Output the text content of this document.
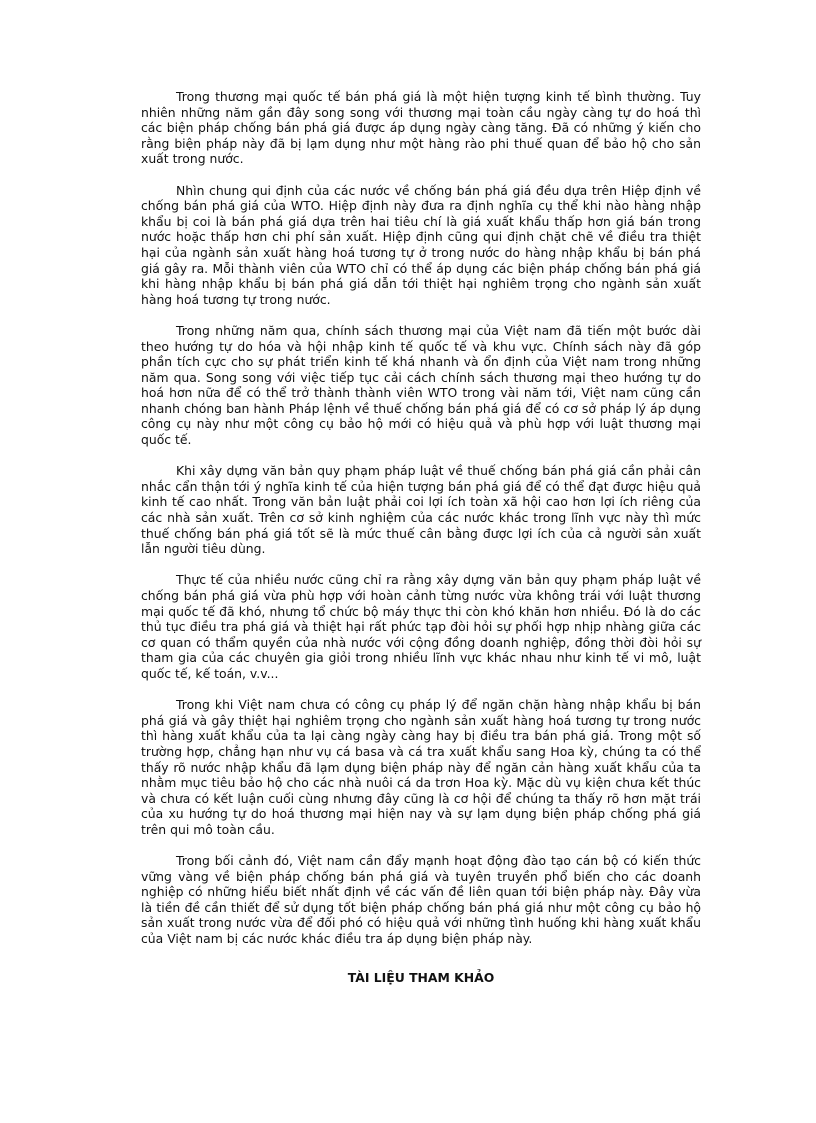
Trong thương mại quốc tế bán phá giá là một hiện tượng kinh tế bình thường. Tuy nhiên những năm gần đây song song với thương mại toàn cầu ngày càng tự do hoá thì các biện pháp chống bán phá giá được áp dụng ngày càng tăng. Đã có những ý kiến cho rằng biện pháp này đã bị lạm dụng như một hàng rào phi thuế quan để bảo hộ cho sản xuất trong nước.

Nhìn chung qui định của các nước về chống bán phá giá đều dựa trên Hiệp định về chống bán phá giá của WTO. Hiệp định này đưa ra định nghĩa cụ thể khi nào hàng nhập khẩu bị coi là bán phá giá dựa trên hai tiêu chí là giá xuất khẩu thấp hơn giá bán trong nước hoặc thấp hơn chi phí sản xuất. Hiệp định cũng qui định chặt chẽ về điều tra thiệt hại của ngành sản xuất hàng hoá tương tự ở trong nước do hàng nhập khẩu bị bán phá giá gây ra. Mỗi thành viên của WTO chỉ có thể áp dụng các biện pháp chống bán phá giá khi hàng nhập khẩu bị bán phá giá dẫn tới thiệt hại nghiêm trọng cho ngành sản xuất hàng hoá tương tự trong nước.

Trong những năm qua, chính sách thương mại của Việt nam đã tiến một bước dài theo hướng tự do hóa và hội nhập kinh tế quốc tế và khu vực. Chính sách này đã góp phần tích cực cho sự phát triển kinh tế khá nhanh và ổn định của Việt nam trong những năm qua. Song song với việc tiếp tục cải cách chính sách thương mại theo hướng tự do hoá hơn nữa để có thể trở thành thành viên WTO trong vài năm tới, Việt nam cũng cần nhanh chóng ban hành Pháp lệnh về thuế chống bán phá giá để có cơ sở pháp lý áp dụng công cụ này như một công cụ bảo hộ mới có hiệu quả và phù hợp với luật thương mại quốc tế.

Khi xây dựng văn bản quy phạm pháp luật về thuế chống bán phá giá cần phải cân nhắc cẩn thận tới ý nghĩa kinh tế của hiện tượng bán phá giá để có thể đạt được hiệu quả kinh tế cao nhất. Trong văn bản luật phải coi lợi ích toàn xã hội cao hơn lợi ích riêng của các nhà sản xuất. Trên cơ sở kinh nghiệm của các nước khác trong lĩnh vực này thì mức thuế chống bán phá giá tốt sẽ là mức thuế cân bằng được lợi ích của cả người sản xuất lẫn người tiêu dùng.

Thực tế của nhiều nước cũng chỉ ra rằng xây dựng văn bản quy phạm pháp luật về chống bán phá giá vừa phù hợp với hoàn cảnh từng nước vừa không trái với luật thương mại quốc tế đã khó, nhưng tổ chức bộ máy thực thi còn khó khăn hơn nhiều. Đó là do các thủ tục điều tra phá giá và thiệt hại rất phức tạp đòi hỏi sự phối hợp nhịp nhàng giữa các cơ quan có thẩm quyền của nhà nước với cộng đồng doanh nghiệp, đồng thời đòi hỏi sự tham gia của các chuyên gia giỏi trong nhiều lĩnh vực khác nhau như kinh tế vi mô, luật quốc tế, kế toán, v.v...

Trong khi Việt nam chưa có công cụ pháp lý để ngăn chặn hàng nhập khẩu bị bán phá giá và gây thiệt hại nghiêm trọng cho ngành sản xuất hàng hoá tương tự trong nước thì hàng xuất khẩu của ta lại càng ngày càng hay bị điều tra bán phá giá. Trong một số trường hợp, chẳng hạn như vụ cá basa và cá tra xuất khẩu sang Hoa kỳ, chúng ta có thể thấy rõ nước nhập khẩu đã lạm dụng biện pháp này để ngăn cản hàng xuất khẩu của ta nhằm mục tiêu bảo hộ cho các nhà nuôi cá da trơn Hoa kỳ. Mặc dù vụ kiện chưa kết thúc và chưa có kết luận cuối cùng nhưng đây cũng là cơ hội để chúng ta thấy rõ hơn mặt trái của xu hướng tự do hoá thương mại hiện nay và sự lạm dụng biện pháp chống phá giá trên qui mô toàn cầu.

Trong bối cảnh đó, Việt nam cần đẩy mạnh hoạt động đào tạo cán bộ có kiến thức vững vàng về biện pháp chống bán phá giá và tuyên truyền phổ biến cho các doanh nghiệp có những hiểu biết nhất định về các vấn đề liên quan tới biện pháp này. Đây vừa là tiền đề cần thiết để sử dụng tốt biện pháp chống bán phá giá như một công cụ bảo hộ sản xuất trong nước vừa để đối phó có hiệu quả với những tình huống khi hàng xuất khẩu của Việt nam bị các nước khác điều tra áp dụng biện pháp này.

TÀI LIỆU THAM KHẢO
